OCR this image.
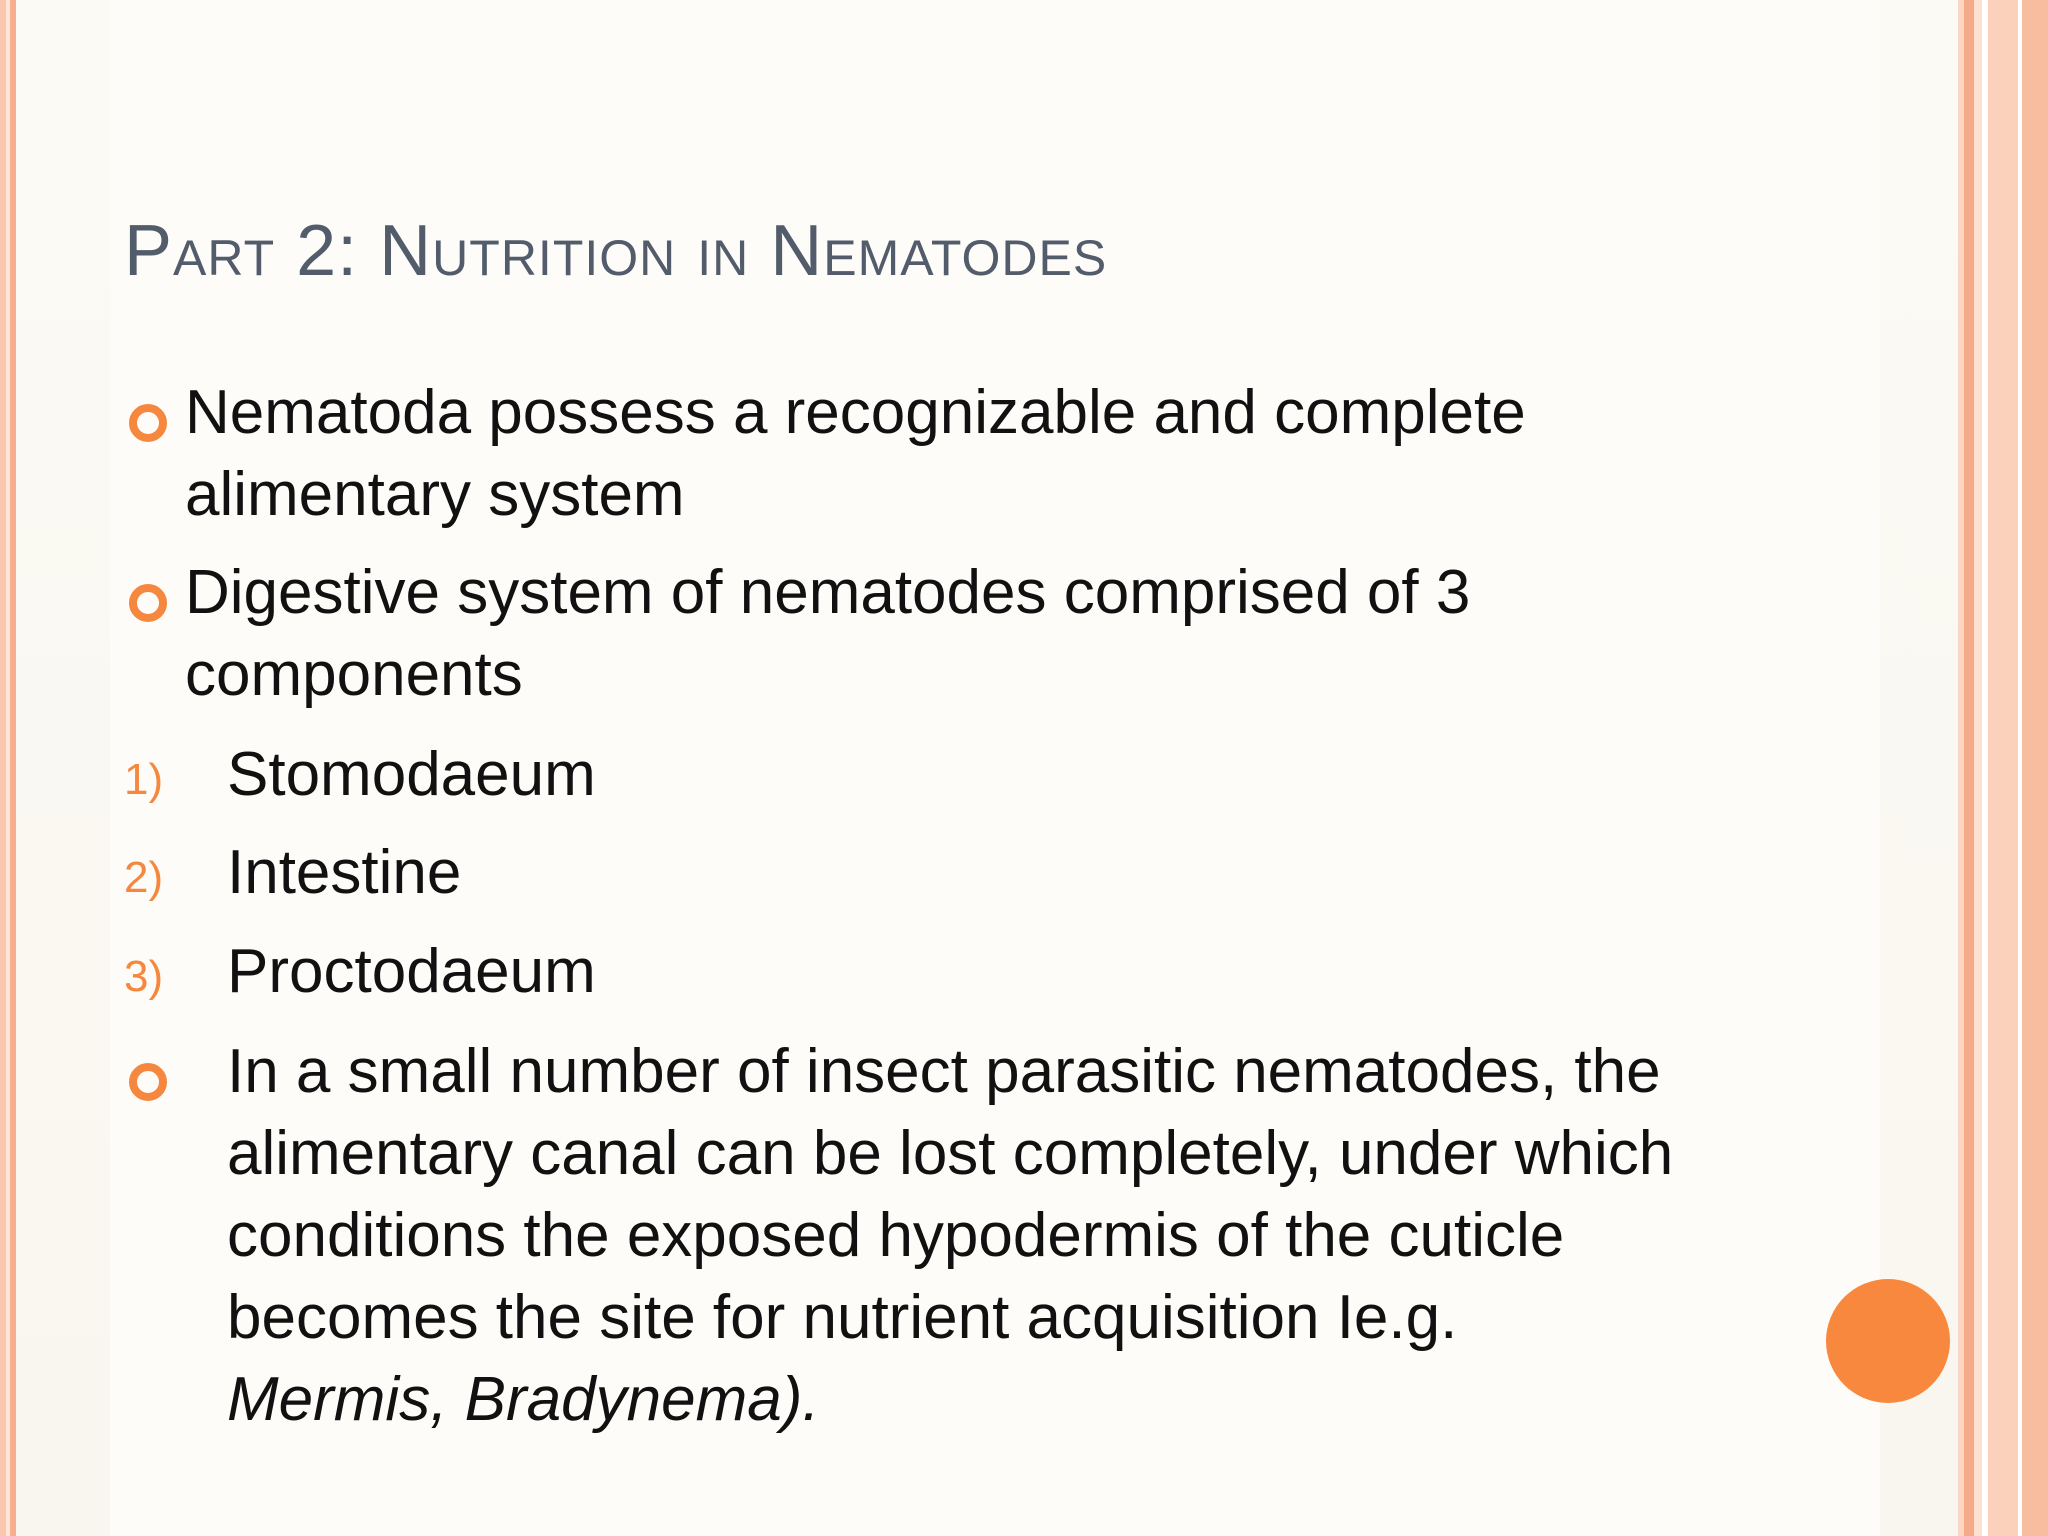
Part 2: Nutrition in Nematodes
Nematoda possess a recognizable and complete
alimentary system
Digestive system of nematodes comprised of 3
components
1) Stomodaeum
2) Intestine
3) Proctodaeum
In a small number of insect parasitic nematodes, the
alimentary canal can be lost completely, under which
conditions the exposed hypodermis of the cuticle
becomes the site for nutrient acquisition Ie.g.
Mermis, Bradynema).
